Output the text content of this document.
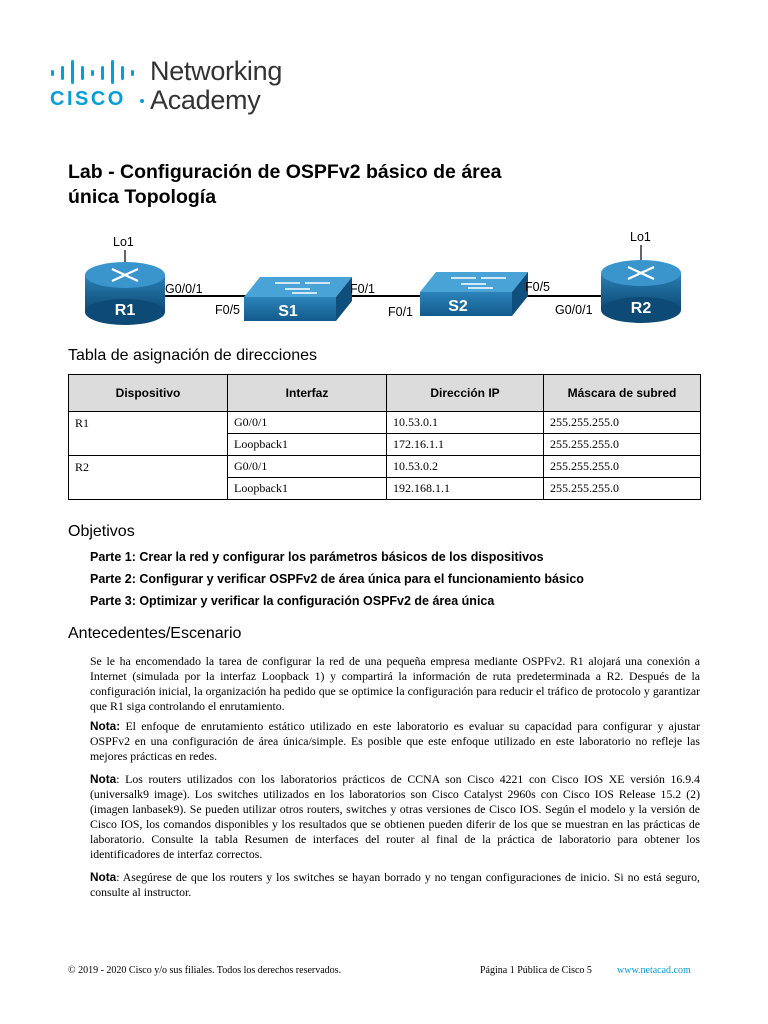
CISCO
Networking
Academy
Lab - Configuración de OSPFv2 básico de área
única Topología
R1	R2
S1	S2
Lo1	Lo1
G0/0/1
F0/5
F0/1
F0/1
F0/5
G0/0/1
Tabla de asignación de direcciones
Dispositivo	Interfaz	Dirección IP	Máscara de subred
R1	G0/0/1	10.53.0.1	255.255.255.0
	Loopback1	172.16.1.1	255.255.255.0
R2	G0/0/1	10.53.0.2	255.255.255.0
	Loopback1	192.168.1.1	255.255.255.0
Objetivos
Parte 1: Crear la red y configurar los parámetros básicos de los dispositivos
Parte 2: Configurar y verificar OSPFv2 de área única para el funcionamiento básico
Parte 3: Optimizar y verificar la configuración OSPFv2 de área única
Antecedentes/Escenario

Se le ha encomendado la tarea de configurar la red de una pequeña empresa mediante OSPFv2. R1 alojará una conexión a Internet (simulada por la interfaz Loopback 1) y compartirá la información de ruta predeterminada a R2. Después de la configuración inicial, la organización ha pedido que se optimice la configuración para reducir el tráfico de protocolo y garantizar que R1 siga controlando el enrutamiento.

Nota: El enfoque de enrutamiento estático utilizado en este laboratorio es evaluar su capacidad para configurar y ajustar OSPFv2 en una configuración de área única/simple. Es posible que este enfoque utilizado en este laboratorio no refleje las mejores prácticas en redes.

Nota: Los routers utilizados con los laboratorios prácticos de CCNA son Cisco 4221 con Cisco IOS XE versión 16.9.4 (universalk9 image). Los switches utilizados en los laboratorios son Cisco Catalyst 2960s con Cisco IOS Release 15.2 (2) (imagen lanbasek9). Se pueden utilizar otros routers, switches y otras versiones de Cisco IOS. Según el modelo y la versión de Cisco IOS, los comandos disponibles y los resultados que se obtienen pueden diferir de los que se muestran en las prácticas de laboratorio. Consulte la tabla Resumen de interfaces del router al final de la práctica de laboratorio para obtener los identificadores de interfaz correctos.

Nota: Asegúrese de que los routers y los switches se hayan borrado y no tengan configuraciones de inicio. Si no está seguro, consulte al instructor.

© 2019 - 2020 Cisco y/o sus filiales. Todos los derechos reservados.	Página 1 Pública de Cisco 5	www.netacad.com
